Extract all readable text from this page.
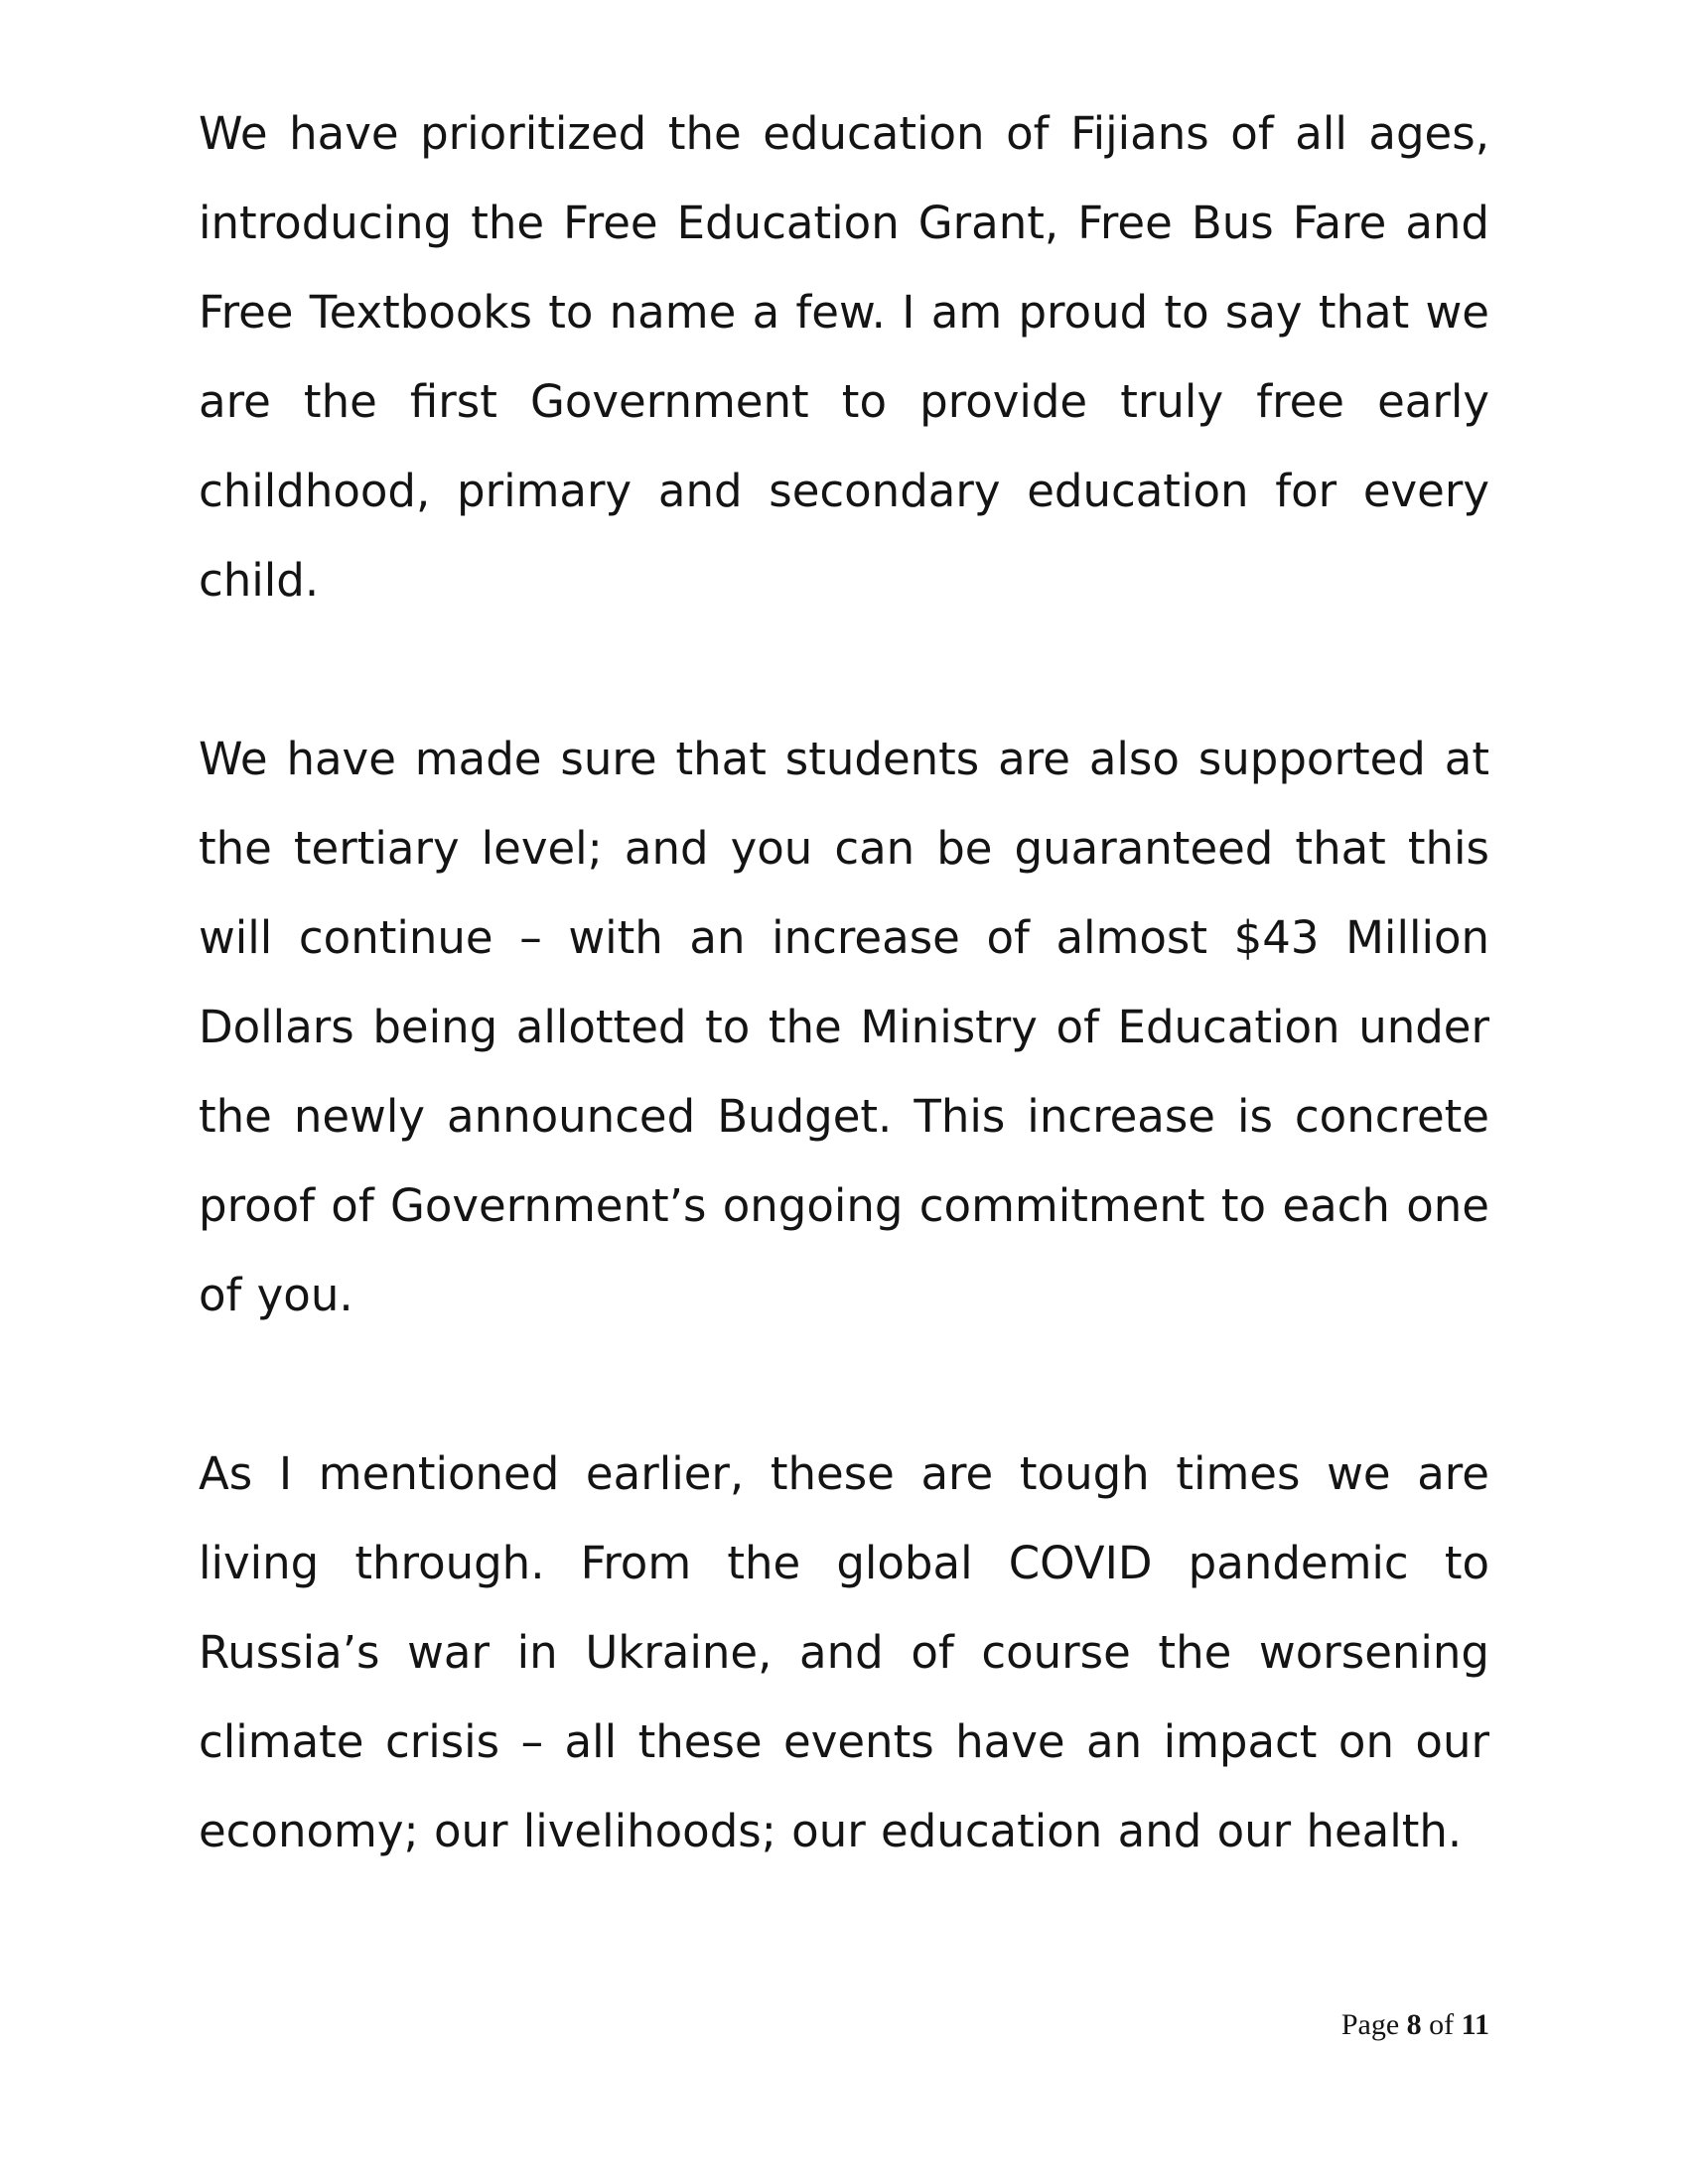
We have prioritized the education of Fijians of all ages, introducing the Free Education Grant, Free Bus Fare and Free Textbooks to name a few. I am proud to say that we are the first Government to provide truly free early childhood, primary and secondary education for every child.

We have made sure that students are also supported at the tertiary level; and you can be guaranteed that this will continue – with an increase of almost $43 Million Dollars being allotted to the Ministry of Education under the newly announced Budget. This increase is concrete proof of Government’s ongoing commitment to each one of you.

As I mentioned earlier, these are tough times we are living through. From the global COVID pandemic to Russia’s war in Ukraine, and of course the worsening climate crisis – all these events have an impact on our economy; our livelihoods; our education and our health.

Page 8 of 11
